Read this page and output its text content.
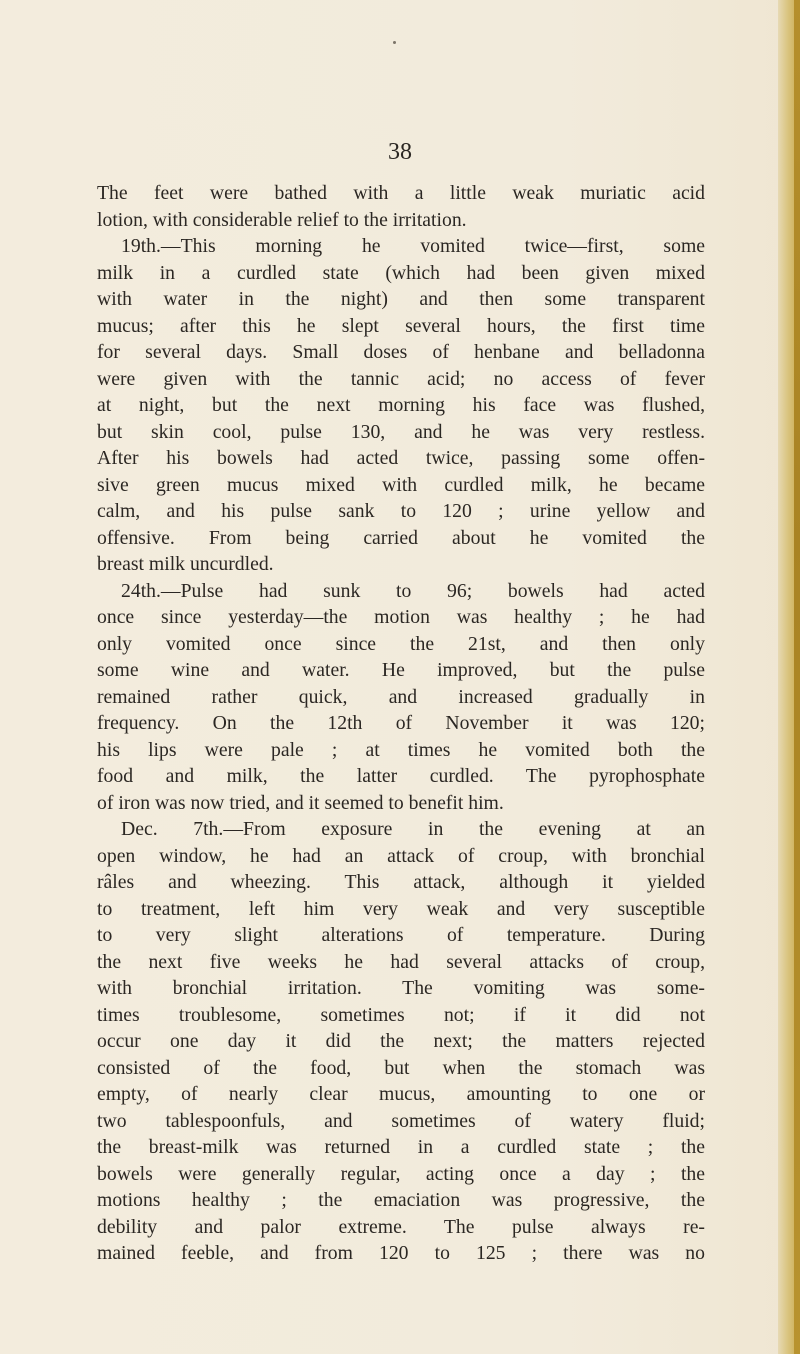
38
The feet were bathed with a little weak muriatic acid
lotion, with considerable relief to the irritation.
19th.—This morning he vomited twice—first, some
milk in a curdled state (which had been given mixed
with water in the night) and then some transparent
mucus; after this he slept several hours, the first time
for several days. Small doses of henbane and belladonna
were given with the tannic acid; no access of fever
at night, but the next morning his face was flushed,
but skin cool, pulse 130, and he was very restless.
After his bowels had acted twice, passing some offen-
sive green mucus mixed with curdled milk, he became
calm, and his pulse sank to 120 ; urine yellow and
offensive. From being carried about he vomited the
breast milk uncurdled.
24th.—Pulse had sunk to 96; bowels had acted
once since yesterday—the motion was healthy ; he had
only vomited once since the 21st, and then only
some wine and water. He improved, but the pulse
remained rather quick, and increased gradually in
frequency. On the 12th of November it was 120;
his lips were pale ; at times he vomited both the
food and milk, the latter curdled. The pyrophosphate
of iron was now tried, and it seemed to benefit him.
Dec. 7th.—From exposure in the evening at an
open window, he had an attack of croup, with bronchial
râles and wheezing. This attack, although it yielded
to treatment, left him very weak and very susceptible
to very slight alterations of temperature. During
the next five weeks he had several attacks of croup,
with bronchial irritation. The vomiting was some-
times troublesome, sometimes not; if it did not
occur one day it did the next; the matters rejected
consisted of the food, but when the stomach was
empty, of nearly clear mucus, amounting to one or
two tablespoonfuls, and sometimes of watery fluid;
the breast-milk was returned in a curdled state ; the
bowels were generally regular, acting once a day ; the
motions healthy ; the emaciation was progressive, the
debility and palor extreme. The pulse always re-
mained feeble, and from 120 to 125 ; there was no
